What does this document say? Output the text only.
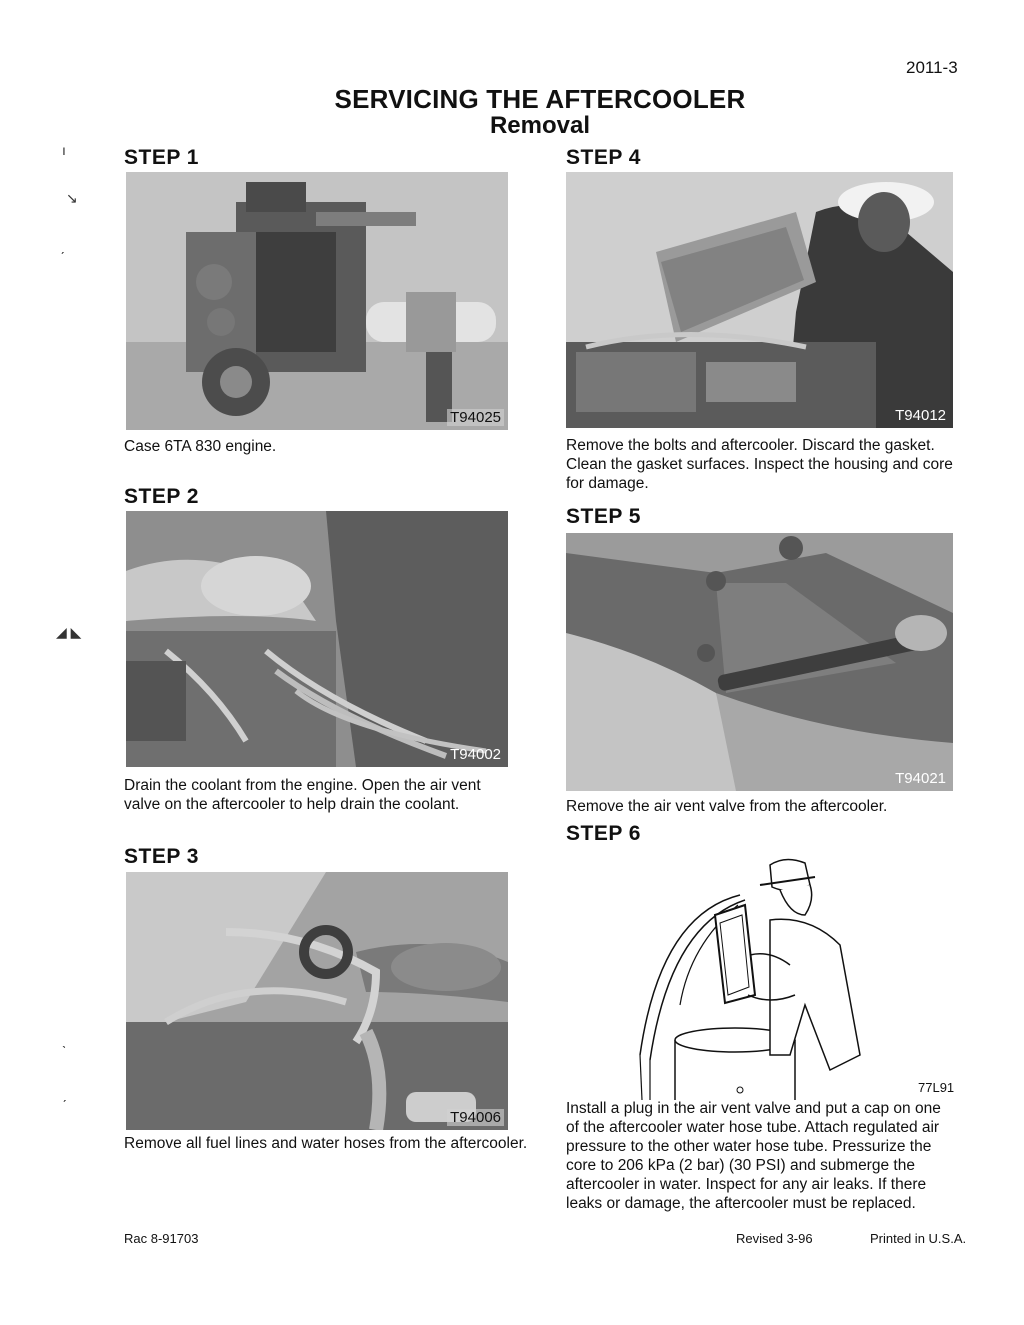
2011-3
SERVICING THE AFTERCOOLER
Removal
ı
↘
ˏ
◢ ◣
ˎ
ˏ
STEP 1
T94025
Case 6TA 830 engine.
STEP 2
T94002
Drain the coolant from the engine. Open the air vent valve on the aftercooler to help drain the coolant.
STEP 3
T94006
Remove all fuel lines and water hoses from the aftercooler.
STEP 4
T94012
Remove the bolts and aftercooler. Discard the gasket. Clean the gasket surfaces. Inspect the housing and core for damage.
STEP 5
T94021
Remove the air vent valve from the aftercooler.
STEP 6
77L91
Install a plug in the air vent valve and put a cap on one of the aftercooler water hose tube. Attach regulated air pressure to the other water hose tube. Pressurize the core to 206 kPa (2 bar) (30 PSI) and submerge the aftercooler in water. Inspect for any air leaks. If there leaks or damage, the aftercooler must be replaced.
Rac 8-91703	Revised 3-96	Printed in U.S.A.
